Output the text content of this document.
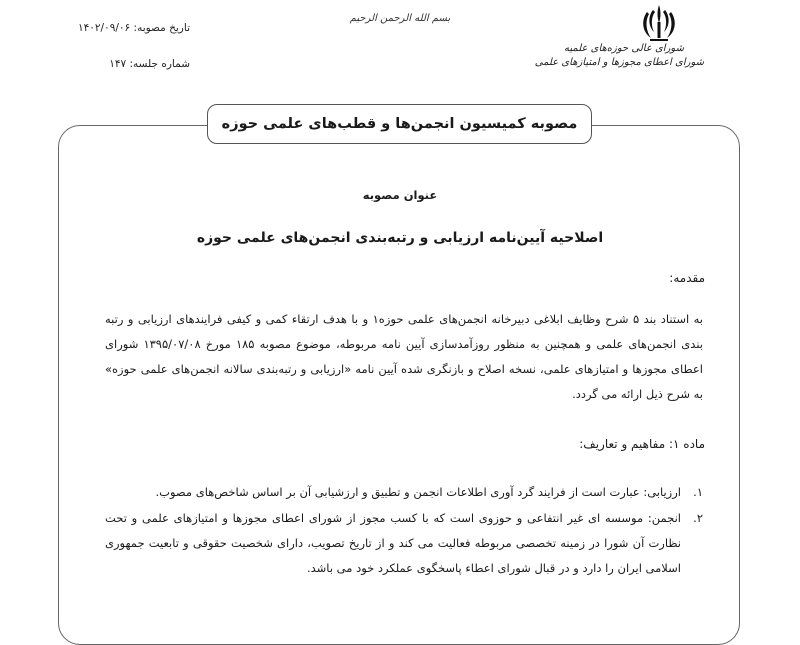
شورای عالی حوزه‌های علمیه
شورای اعطای مجوزها و امتیازهای علمی
بسم الله الرحمن الرحیم
تاریخ مصوبه: ۱۴۰۲/۰۹/۰۶
شماره جلسه: ۱۴۷
مصوبه کمیسیون انجمن‌ها و قطب‌های علمی حوزه
عنوان مصوبه
اصلاحیه آیین‌نامه ارزیابی و رتبه‌بندی انجمن‌های علمی حوزه
مقدمه:
به استناد بند ۵ شرح وظایف ابلاغی دبیرخانه انجمن‌های علمی حوزه۱ و با هدف ارتقاء کمی و کیفی فرایندهای ارزیابی و رتبه بندی انجمن‌های علمی و همچنین به منظور روزآمدسازی آیین نامه مربوطه، موضوع مصوبه ۱۸۵ مورخ ۱۳۹۵/۰۷/۰۸ شورای اعطای مجوزها و امتیازهای علمی، نسخه اصلاح و بازنگری شده آیین نامه «ارزیابی و رتبه‌بندی سالانه انجمن‌های علمی حوزه» به شرح ذیل ارائه می گردد.
ماده ۱: مفاهیم و تعاریف:
۱.
ارزیابی: عبارت است از فرایند گرد آوری اطلاعات انجمن و تطبیق و ارزشیابی آن بر اساس شاخص‌های مصوب.
۲.
انجمن: موسسه ای غیر انتفاعی و حوزوی است که با کسب مجوز از شورای اعطای مجوزها و امتیازهای علمی و تحت نظارت آن شورا در زمینه تخصصی مربوطه فعالیت می کند و از تاریخ تصویب، دارای شخصیت حقوقی و تابعیت جمهوری اسلامی ایران را دارد و در قبال شورای اعطاء پاسخگوی عملکرد خود می باشد.
